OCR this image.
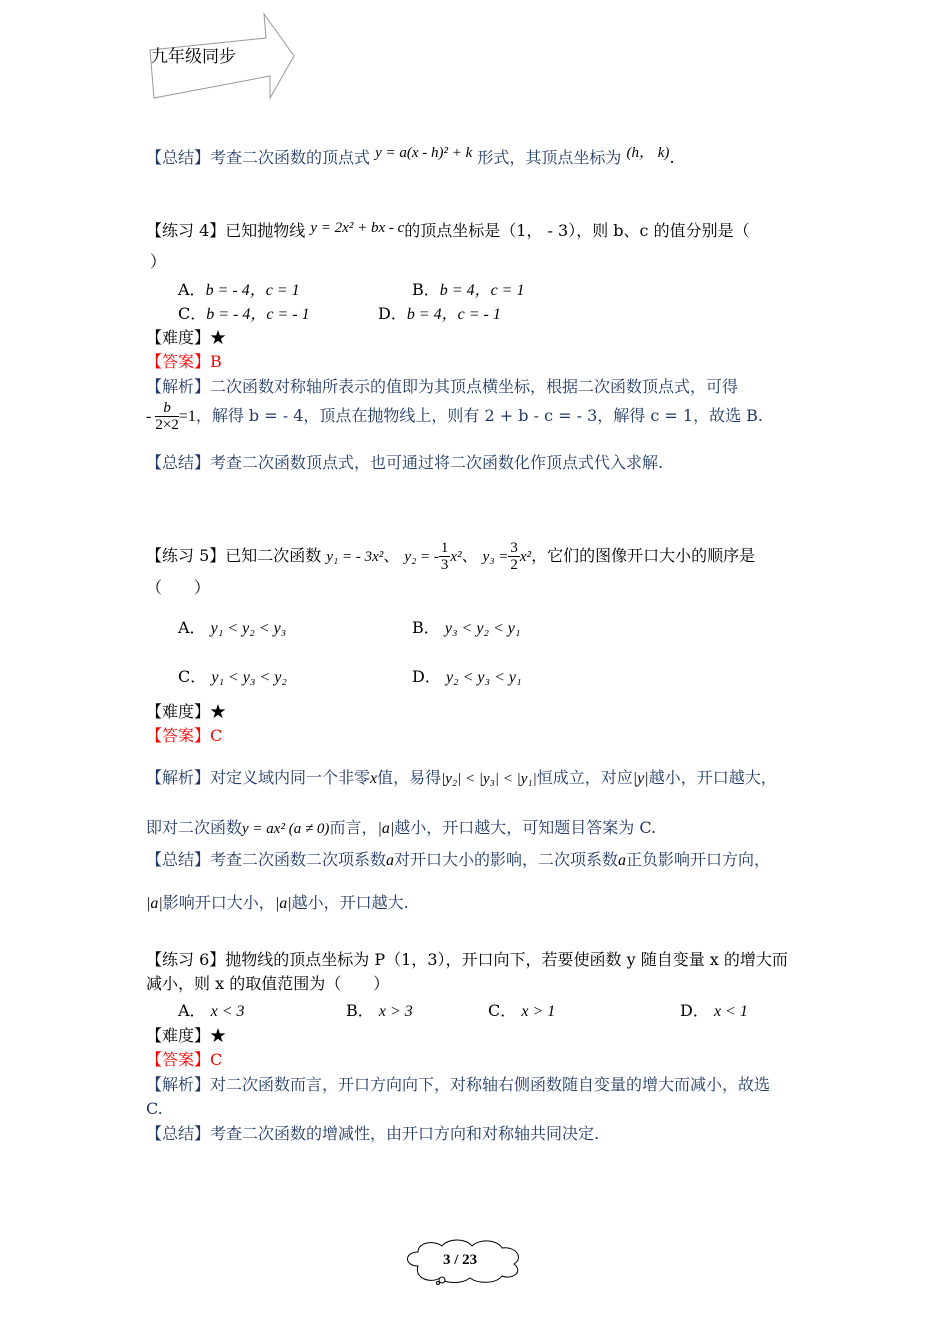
九年级同步
【总结】考查二次函数的顶点式 y = a(x - h)² + k 形式，其顶点坐标为 (h， k).
【练习 4】已知抛物线 y = 2x² + bx - c的顶点坐标是（1， - 3），则 b、c 的值分别是（
）
A．b = - 4，c = 1	B．b = 4，c = 1
C．b = - 4，c = - 1	D．b = 4，c = - 1
【难度】★
【答案】B
【解析】二次函数对称轴所表示的值即为其顶点横坐标，根据二次函数顶点式，可得
- $\frac{b}{2\times 2} =1$，解得 b = - 4，顶点在抛物线上，则有 2 + b - c = - 3，解得 c = 1，故选 B.
【总结】考查二次函数顶点式，也可通过将二次函数化作顶点式代入求解.
【练习 5】已知二次函数 y₁ = - 3x²、 y₂ = - $\frac{1}{3} x^2$、 $y_3 = \frac{3}{2} x^2$，它们的图像开口大小的顺序是
（　　）
A． y₁ < y₂ < y₃	B． y₃ < y₂ < y₁
C． y₁ < y₃ < y₂	D． y₂ < y₃ < y₁
【难度】★
【答案】C
【解析】对定义域内同一个非零x值，易得|y₂| < |y₃| < |y₁|恒成立，对应|y|越小，开口越大，
即对二次函数y = ax² (a ≠ 0)而言，|a|越小，开口越大，可知题目答案为 C.
【总结】考查二次函数二次项系数a对开口大小的影响，二次项系数a正负影响开口方向，
|a|影响开口大小，|a|越小，开口越大.
【练习 6】抛物线的顶点坐标为 P（1，3），开口向下，若要使函数 y 随自变量 x 的增大而
减小，则 x 的取值范围为（　　）
A． x < 3	B． x > 3	C． x > 1	D． x < 1
【难度】★
【答案】C
【解析】对二次函数而言，开口方向向下，对称轴右侧函数随自变量的增大而减小，故选
C.
【总结】考查二次函数的增减性，由开口方向和对称轴共同决定.
3 / 23
